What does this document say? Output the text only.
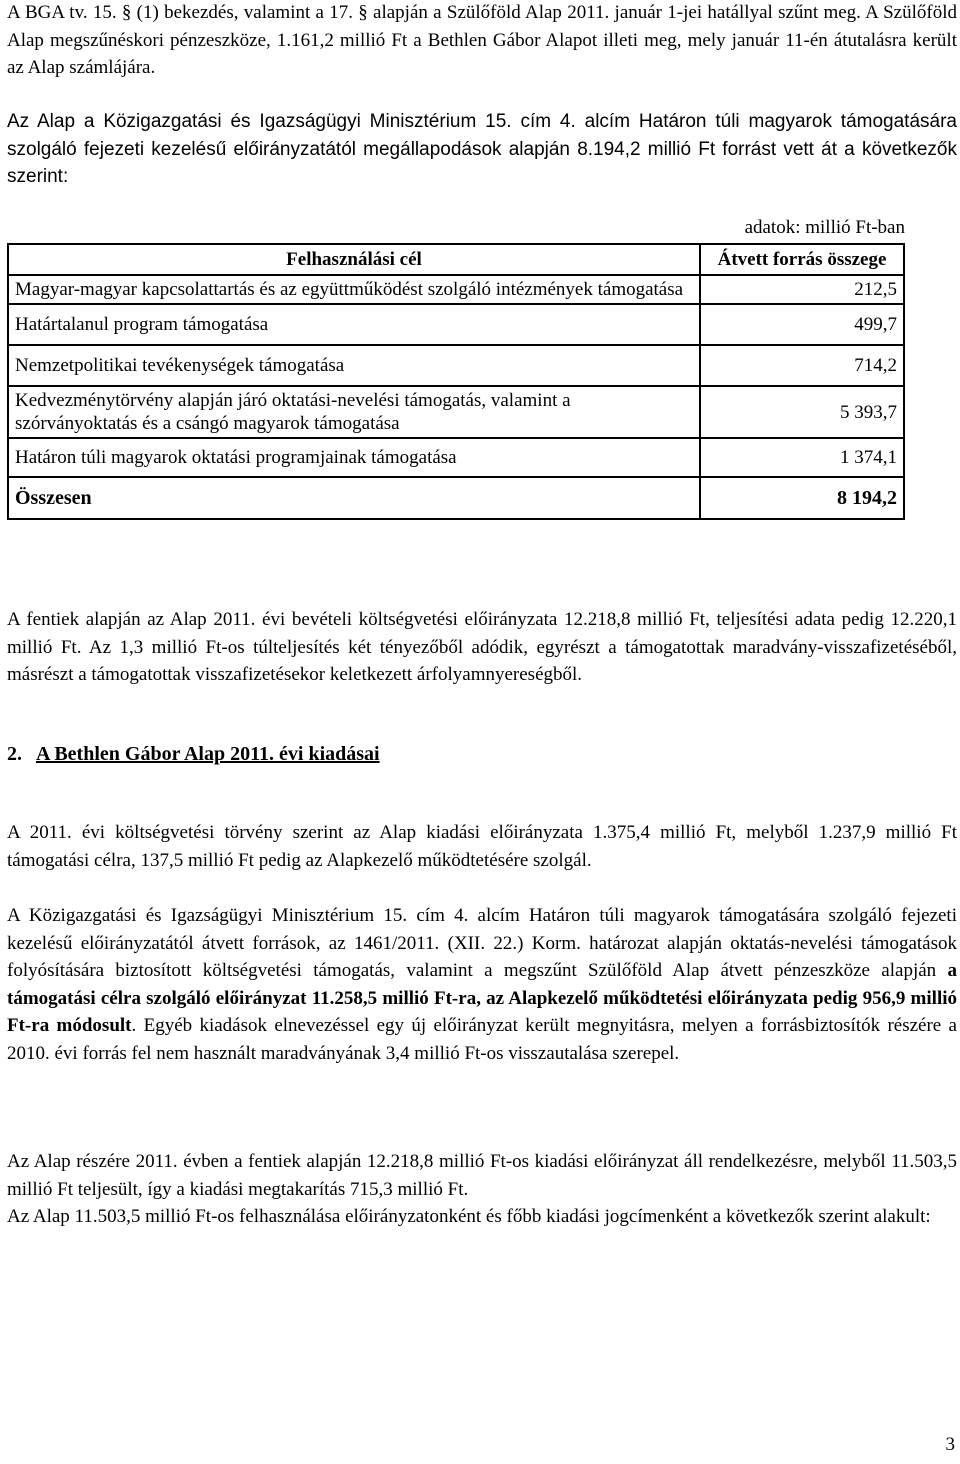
A BGA tv. 15. § (1) bekezdés, valamint a 17. § alapján a Szülőföld Alap 2011. január 1-jei hatállyal szűnt meg. A Szülőföld Alap megszűnéskori pénzeszköze, 1.161,2 millió Ft a Bethlen Gábor Alapot illeti meg, mely január 11-én átutalásra került az Alap számlájára.

Az Alap a Közigazgatási és Igazságügyi Minisztérium 15. cím 4. alcím Határon túli magyarok támogatására szolgáló fejezeti kezelésű előirányzatától megállapodások alapján 8.194,2 millió Ft forrást vett át a következők szerint:

adatok: millió Ft-ban
Felhasználási cél	Átvett forrás összege
Magyar-magyar kapcsolattartás és az együttműködést szolgáló intézmények támogatása	212,5
Határtalanul program támogatása	499,7
Nemzetpolitikai tevékenységek támogatása	714,2
Kedvezménytörvény alapján járó oktatási-nevelési támogatás, valamint a szórványoktatás és a csángó magyarok támogatása	5 393,7
Határon túli magyarok oktatási programjainak támogatása	1 374,1
Összesen	8 194,2

A fentiek alapján az Alap 2011. évi bevételi költségvetési előirányzata 12.218,8 millió Ft, teljesítési adata pedig 12.220,1 millió Ft. Az 1,3 millió Ft-os túlteljesítés két tényezőből adódik, egyrészt a támogatottak maradvány-visszafizetéséből, másrészt a támogatottak visszafizetésekor keletkezett árfolyamnyereségből.

2. A Bethlen Gábor Alap 2011. évi kiadásai

A 2011. évi költségvetési törvény szerint az Alap kiadási előirányzata 1.375,4 millió Ft, melyből 1.237,9 millió Ft támogatási célra, 137,5 millió Ft pedig az Alapkezelő működtetésére szolgál.

A Közigazgatási és Igazságügyi Minisztérium 15. cím 4. alcím Határon túli magyarok támogatására szolgáló fejezeti kezelésű előirányzatától átvett források, az 1461/2011. (XII. 22.) Korm. határozat alapján oktatás-nevelési támogatások folyósítására biztosított költségvetési támogatás, valamint a megszűnt Szülőföld Alap átvett pénzeszköze alapján a támogatási célra szolgáló előirányzat 11.258,5 millió Ft-ra, az Alapkezelő működtetési előirányzata pedig 956,9 millió Ft-ra módosult. Egyéb kiadások elnevezéssel egy új előirányzat került megnyitásra, melyen a forrásbiztosítók részére a 2010. évi forrás fel nem használt maradványának 3,4 millió Ft-os visszautalása szerepel.

Az Alap részére 2011. évben a fentiek alapján 12.218,8 millió Ft-os kiadási előirányzat áll rendelkezésre, melyből 11.503,5 millió Ft teljesült, így a kiadási megtakarítás 715,3 millió Ft.

Az Alap 11.503,5 millió Ft-os felhasználása előirányzatonként és főbb kiadási jogcímenként a következők szerint alakult:

3
